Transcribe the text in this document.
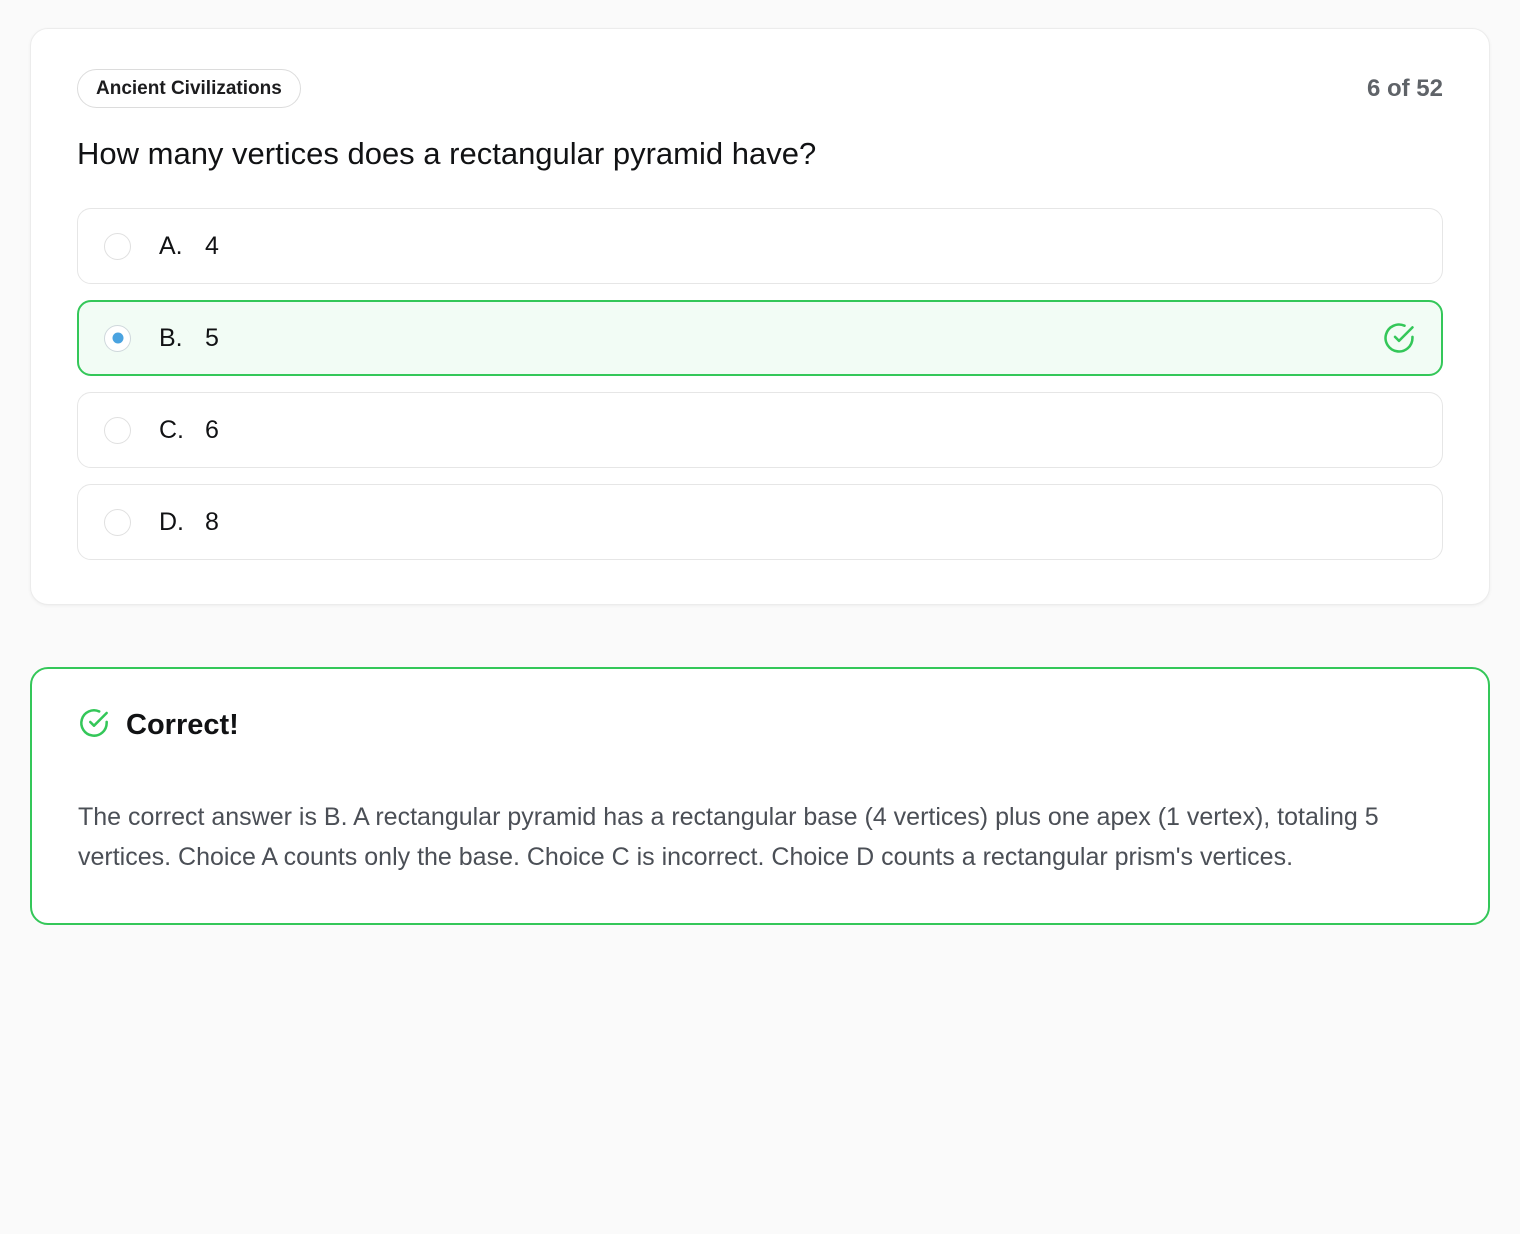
Ancient Civilizations	6 of 52

How many vertices does a rectangular pyramid have?

A. 4
B. 5
C. 6
D. 8
Correct!
The correct answer is B. A rectangular pyramid has a rectangular base (4 vertices) plus one apex (1 vertex), totaling 5 vertices. Choice A counts only the base. Choice C is incorrect. Choice D counts a rectangular prism's vertices.
